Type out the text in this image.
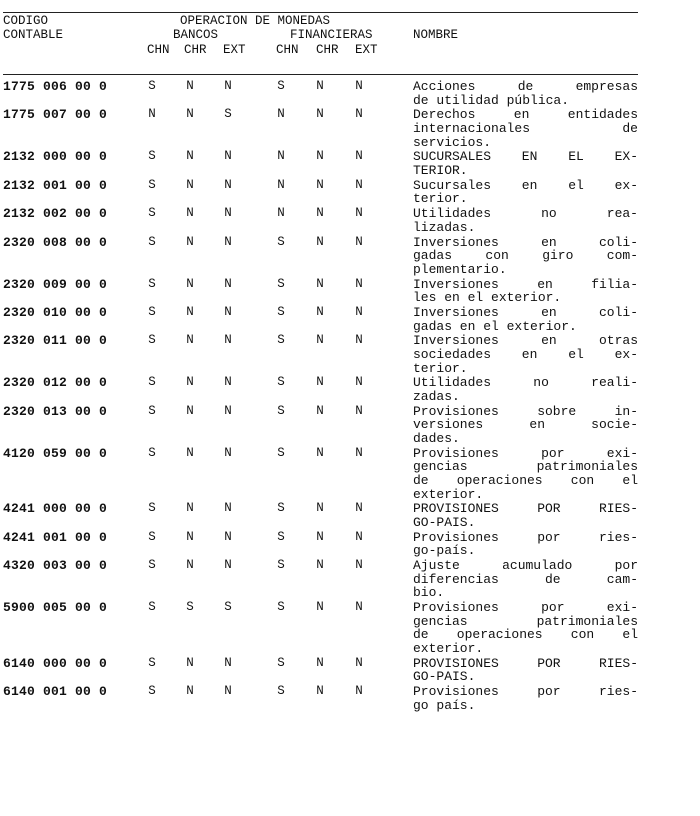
CODIGO
CONTABLE
OPERACION DE MONEDAS
BANCOS	FINANCIERAS	NOMBRE
CHN CHR EXT CHN CHR EXT
1775 006 00 0	S	N	N	S	N	N	Acciones de empresas
de utilidad pública.
1775 007 00 0	N	N	S	N	N	N	Derechos en entidades
internacionales de
servicios.
2132 000 00 0	S	N	N	N	N	N	SUCURSALES EN EL EX-
TERIOR.
2132 001 00 0	S	N	N	N	N	N	Sucursales en el ex-
terior.
2132 002 00 0	S	N	N	N	N	N	Utilidades no rea-
lizadas.
2320 008 00 0	S	N	N	S	N	N	Inversiones en coli-
gadas con giro com-
plementario.
2320 009 00 0	S	N	N	S	N	N	Inversiones en filia-
les en el exterior.
2320 010 00 0	S	N	N	S	N	N	Inversiones en coli-
gadas en el exterior.
2320 011 00 0	S	N	N	S	N	N	Inversiones en otras
sociedades en el ex-
terior.
2320 012 00 0	S	N	N	S	N	N	Utilidades no reali-
zadas.
2320 013 00 0	S	N	N	S	N	N	Provisiones sobre in-
versiones en socie-
dades.
4120 059 00 0	S	N	N	S	N	N	Provisiones por exi-
gencias patrimoniales
de operaciones con el
exterior.
4241 000 00 0	S	N	N	S	N	N	PROVISIONES POR RIES-
GO-PAIS.
4241 001 00 0	S	N	N	S	N	N	Provisiones por ries-
go-país.
4320 003 00 0	S	N	N	S	N	N	Ajuste acumulado por
diferencias de cam-
bio.
5900 005 00 0	S	S	S	S	N	N	Provisiones por exi-
gencias patrimoniales
de operaciones con el
exterior.
6140 000 00 0	S	N	N	S	N	N	PROVISIONES POR RIES-
GO-PAIS.
6140 001 00 0	S	N	N	S	N	N	Provisiones por ries-
go país.
